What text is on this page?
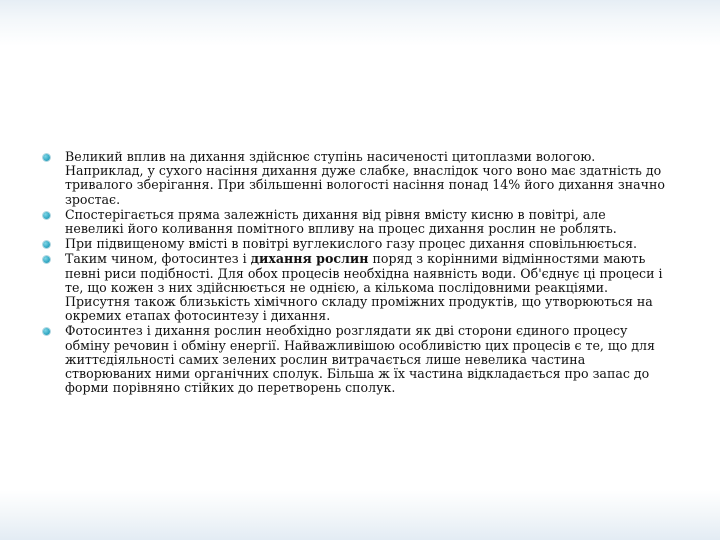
Великий вплив на дихання здійснює ступінь насиченості цитоплазми вологою. Наприклад, у сухого насіння дихання дуже слабке, внаслідок чого воно має здатність до тривалого зберігання. При збільшенні вологості насіння понад 14% його дихання значно зростає.
Спостерігається пряма залежність дихання від рівня вмісту кисню в повітрі, але невеликі його коливання помітного впливу на процес дихання рослин не роблять.
При підвищеному вмісті в повітрі вуглекислого газу процес дихання сповільнюється.
Таким чином, фотосинтез і дихання рослин поряд з корінними відмінностями мають певні риси подібності. Для обох процесів необхідна наявність води. Об'єднує ці процеси і те, що кожен з них здійснюється не однією, а кількома послідовними реакціями. Присутня також близькість хімічного складу проміжних продуктів, що утворюються на окремих етапах фотосинтезу і дихання.
Фотосинтез і дихання рослин необхідно розглядати як дві сторони єдиного процесу обміну речовин і обміну енергії. Найважливішою особливістю цих процесів є те, що для життєдіяльності самих зелених рослин витрачається лише невелика частина створюваних ними органічних сполук. Більша ж їх частина відкладається про запас до форми порівняно стійких до перетворень сполук.
